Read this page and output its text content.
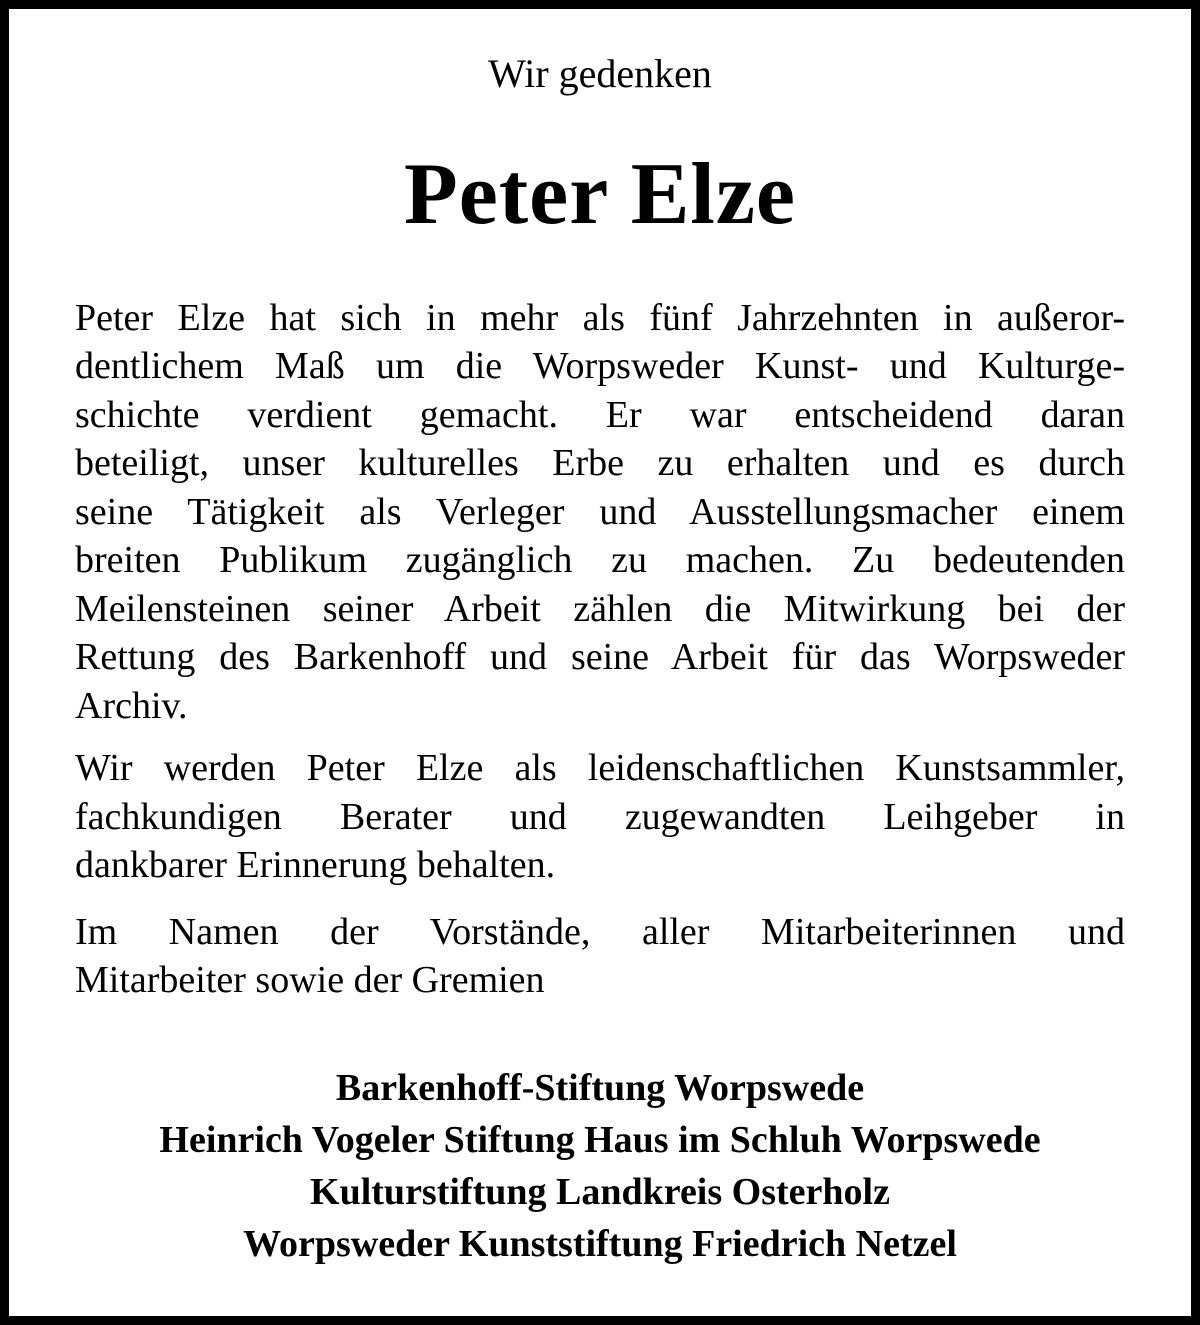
Wir gedenken
Peter Elze
Peter Elze hat sich in mehr als fünf Jahrzehnten in außeror-
dentlichem Maß um die Worpsweder Kunst- und Kulturge-
schichte verdient gemacht. Er war entscheidend daran
beteiligt, unser kulturelles Erbe zu erhalten und es durch
seine Tätigkeit als Verleger und Ausstellungsmacher einem
breiten Publikum zugänglich zu machen. Zu bedeutenden
Meilensteinen seiner Arbeit zählen die Mitwirkung bei der
Rettung des Barkenhoff und seine Arbeit für das Worpsweder
Archiv.
Wir werden Peter Elze als leidenschaftlichen Kunstsammler,
fachkundigen Berater und zugewandten Leihgeber in
dankbarer Erinnerung behalten.
Im Namen der Vorstände, aller Mitarbeiterinnen und
Mitarbeiter sowie der Gremien
Barkenhoff-Stiftung Worpswede
Heinrich Vogeler Stiftung Haus im Schluh Worpswede
Kulturstiftung Landkreis Osterholz
Worpsweder Kunststiftung Friedrich Netzel
